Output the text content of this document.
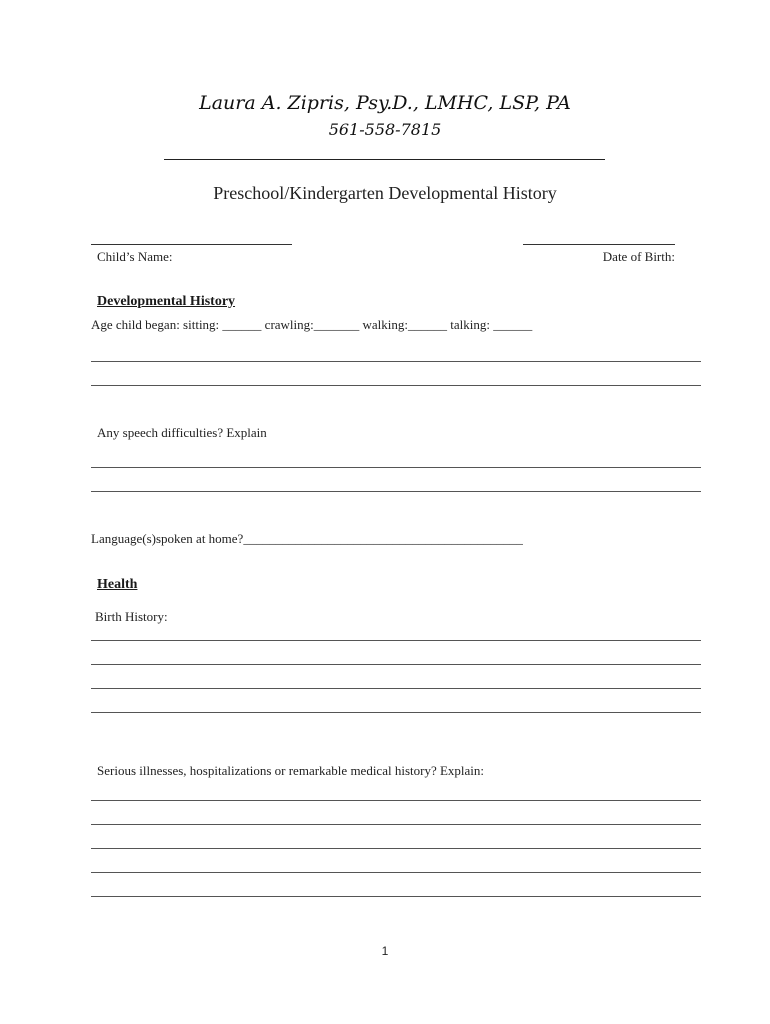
Laura A. Zipris, Psy.D., LMHC, LSP, PA
561-558-7815
Preschool/Kindergarten Developmental History
Child’s Name:	Date of Birth:
Developmental History
Age child began: sitting: ______ crawling:_______ walking:______ talking: ______
Any speech difficulties? Explain
Language(s)spoken at home?___________________________________________
Health
Birth History:
Serious illnesses, hospitalizations or remarkable medical history? Explain:
1
